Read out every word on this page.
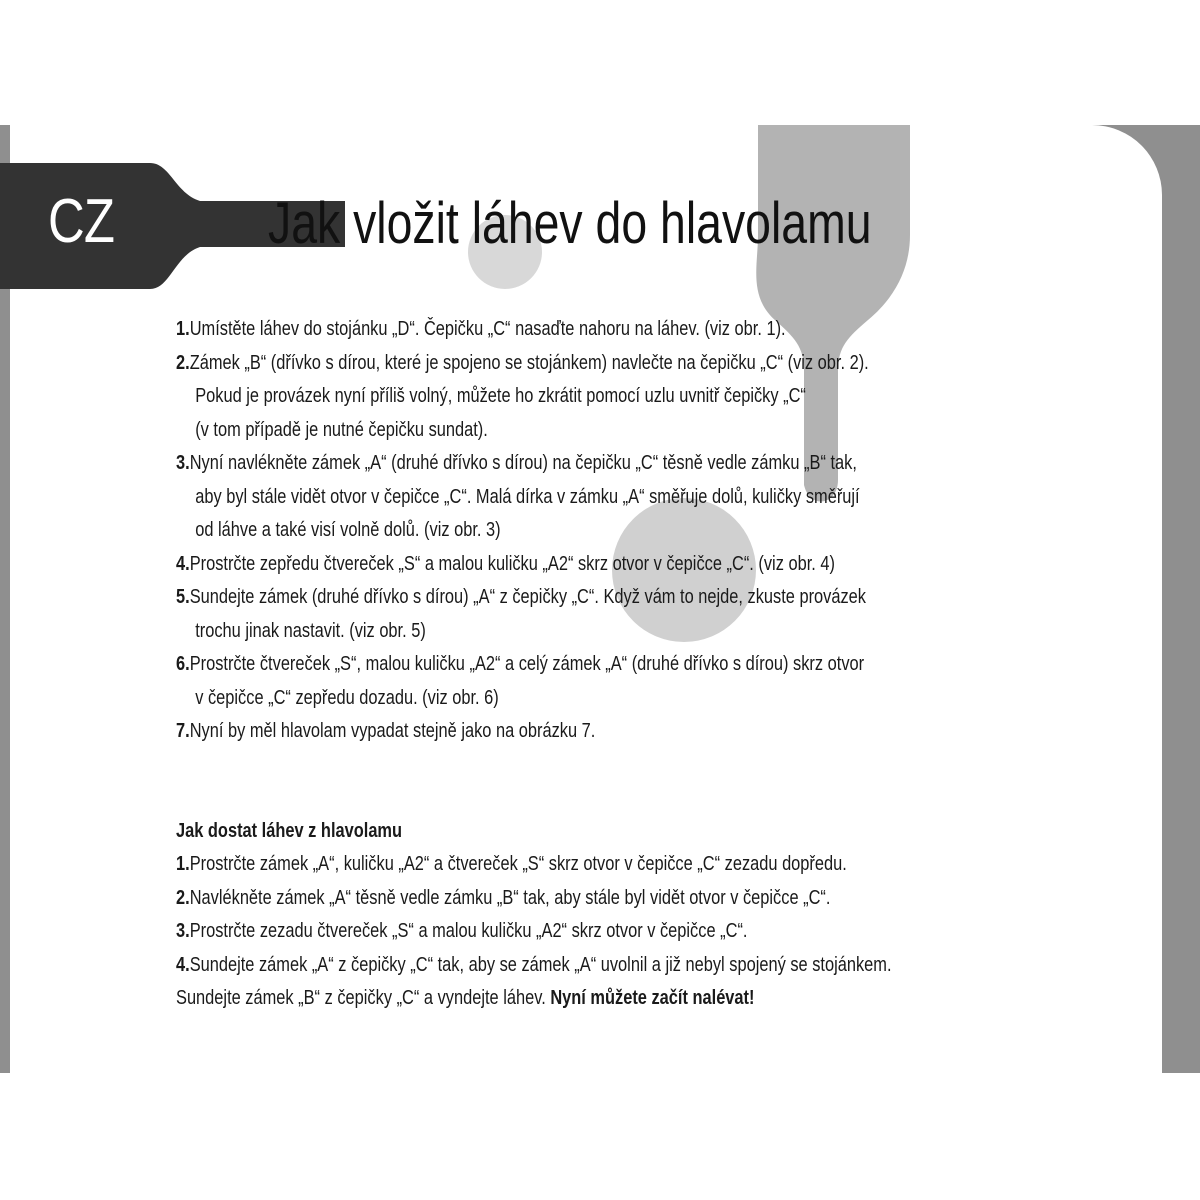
CZ	Jak vložit láhev do hlavolamu
1.Umístěte láhev do stojánku „D“. Čepičku „C“ nasaďte nahoru na láhev. (viz obr. 1).
2.Zámek „B“ (dřívko s dírou, které je spojeno se stojánkem) navlečte na čepičku „C“ (viz obr. 2).
Pokud je provázek nyní příliš volný, můžete ho zkrátit pomocí uzlu uvnitř čepičky „C“
(v tom případě je nutné čepičku sundat).
3.Nyní navlékněte zámek „A“ (druhé dřívko s dírou) na čepičku „C“ těsně vedle zámku „B“ tak,
aby byl stále vidět otvor v čepičce „C“. Malá dírka v zámku „A“ směřuje dolů, kuličky směřují
od láhve a také visí volně dolů. (viz obr. 3)
4.Prostrčte zepředu čtvereček „S“ a malou kuličku „A2“ skrz otvor v čepičce „C“. (viz obr. 4)
5.Sundejte zámek (druhé dřívko s dírou) „A“ z čepičky „C“. Když vám to nejde, zkuste provázek
trochu jinak nastavit. (viz obr. 5)
6.Prostrčte čtvereček „S“, malou kuličku „A2“ a celý zámek „A“ (druhé dřívko s dírou) skrz otvor
v čepičce „C“ zepředu dozadu. (viz obr. 6)
7.Nyní by měl hlavolam vypadat stejně jako na obrázku 7.
Jak dostat láhev z hlavolamu
1.Prostrčte zámek „A“, kuličku „A2“ a čtvereček „S“ skrz otvor v čepičce „C“ zezadu dopředu.
2.Navlékněte zámek „A“ těsně vedle zámku „B“ tak, aby stále byl vidět otvor v čepičce „C“.
3.Prostrčte zezadu čtvereček „S“ a malou kuličku „A2“ skrz otvor v čepičce „C“.
4.Sundejte zámek „A“ z čepičky „C“ tak, aby se zámek „A“ uvolnil a již nebyl spojený se stojánkem.
Sundejte zámek „B“ z čepičky „C“ a vyndejte láhev. Nyní můžete začít nalévat!
